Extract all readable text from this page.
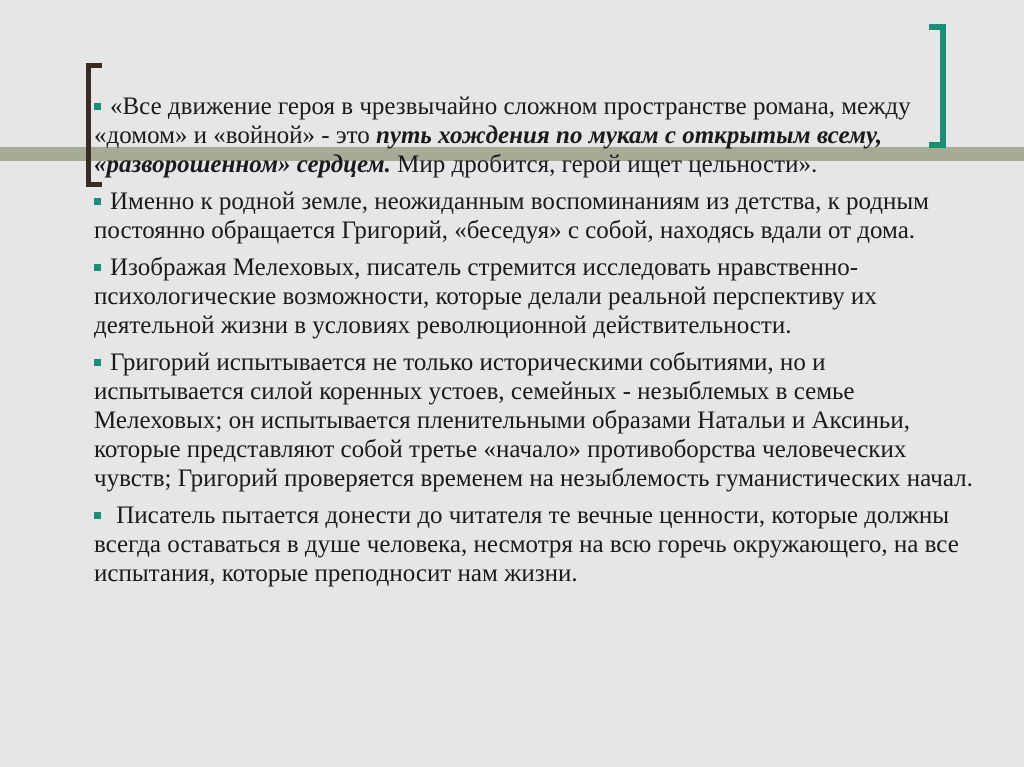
«Все движение героя в чрезвычайно сложном пространстве романа, между «домом» и «войной» - это путь хождения по мукам с открытым всему, «разворошенном» сердцем. Мир дробится, герой ищет цельности».

Именно к родной земле, неожиданным воспоминаниям из детства, к родным постоянно обращается Григорий, «беседуя» с собой, находясь вдали от дома.

Изображая Мелеховых, писатель стремится исследовать нравственно-психологические возможности, которые делали реальной перспективу их деятельной жизни в условиях революционной действительности.

Григорий испытывается не только историческими событиями, но и испытывается силой коренных устоев, семейных - незыблемых в семье Мелеховых; он испытывается пленительными образами Натальи и Аксиньи, которые представляют собой третье «начало» противоборства человеческих чувств; Григорий проверяется временем на незыблемость гуманистических начал.

Писатель пытается донести до читателя те вечные ценности, которые должны всегда оставаться в душе человека, несмотря на всю горечь окружающего, на все испытания, которые преподносит нам жизни.
